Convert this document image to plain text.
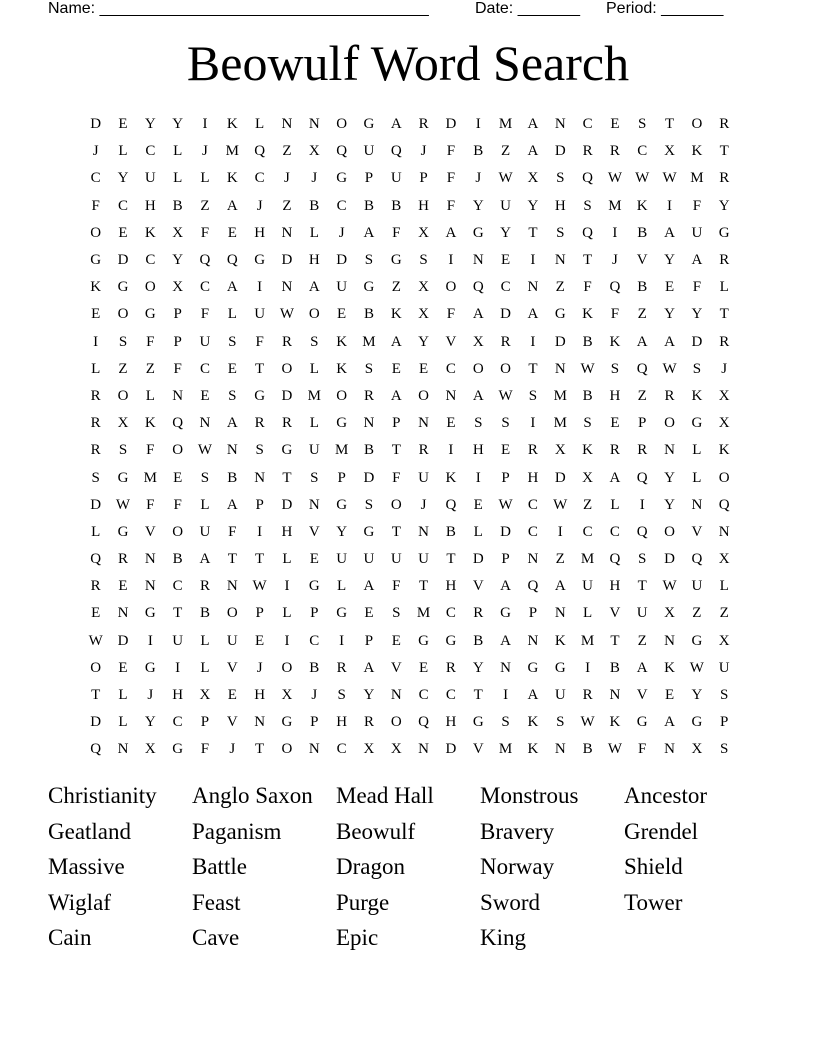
Name: _____________________________________	Date: _______ Period: _______
Beowulf Word Search
D	E	Y	Y	I	K	L	N	N	O	G	A	R	D	I	M	A	N	C	E	S	T	O	R
J	L	C	L	J	M	Q	Z	X	Q	U	Q	J	F	B	Z	A	D	R	R	C	X	K	T
C	Y	U	L	L	K	C	J	J	G	P	U	P	F	J	W X	S	Q W W W M	R
F	C	H	B	Z	A	J	Z	B	C	B	B	H	F	Y	U	Y	H	S	M	K	I	F	Y
O	E	K	X	F	E	H	N	L	J	A	F	X	A	G	Y	T	S	Q	I	B	A	U	G
G	D	C	Y	Q	Q	G	D	H	D	S	G	S	I	N	E	I	N	T	J	V	Y	A	R
K	G	O	X	C	A	I	N	A	U	G	Z	X	O	Q	C	N	Z	F	Q	B	E	F	L
E	O	G	P	F	L	U W O	E	B	K	X	F	A	D	A	G	K	F	Z	Y	Y	T
I	S	F	P	U	S	F	R	S	K	M	A	Y	V	X	R	I	D	B	K	A	A	D	R
L	Z	Z	F	C	E	T	O	L	K	S	E	E	C	O	O	T	N W	S	Q W	S	J
R	O	L	N	E	S	G	D	M	O	R	A	O	N	A W	S	M	B	H	Z	R	K	X
R	X	K	Q	N	A	R	R	L	G	N	P	N	E	S	S	I	M	S	E	P	O	G	X
R	S	F	O W N	S	G	U	M	B	T	R	I	H	E	R	X	K	R	R	N	L	K
S	G	M	E	S	B	N	T	S	P	D	F	U	K	I	P	H	D	X	A	Q	Y	L	O
D W	F	F	L	A	P	D	N	G	S	O	J	Q	E	W	C	W	Z	L	I	Y	N	Q
L	G	V	O	U	F	I	H	V	Y	G	T	N	B	L	D	C	I	C	C	Q	O	V	N
Q	R	N	B	A	T	T	L	E	U	U	U	U	T	D	P	N	Z	M	Q	S	D	Q	X
R	E	N	C	R	N W	I	G	L	A	F	T	H	V	A	Q	A	U	H	T	W U	L
E	N	G	T	B	O	P	L	P	G	E	S	M	C	R	G	P	N	L	V	U	X	Z	Z
W D	I	U	L	U	E	I	C	I	P	E	G	G	B	A	N	K	M	T	Z	N	G	X
O	E	G	I	L	V	J	O	B	R	A	V	E	R	Y	N	G	G	I	B	A	K W U
T	L	J	H	X	E	H	X	J	S	Y	N	C	C	T	I	A	U	R	N	V	E	Y	S
D	L	Y	C	P	V	N	G	P	H	R	O	Q	H	G	S	K	S	W K	G	A	G	P
Q	N	X	G	F	J	T	O	N	C	X	X	N	D	V	M	K	N	B	W	F	N	X	S
Christianity	Anglo Saxon	Mead Hall	Monstrous	Ancestor
Geatland	Paganism	Beowulf	Bravery	Grendel
Massive	Battle	Dragon	Norway	Shield
Wiglaf	Feast	Purge	Sword	Tower
Cain	Cave	Epic	King
